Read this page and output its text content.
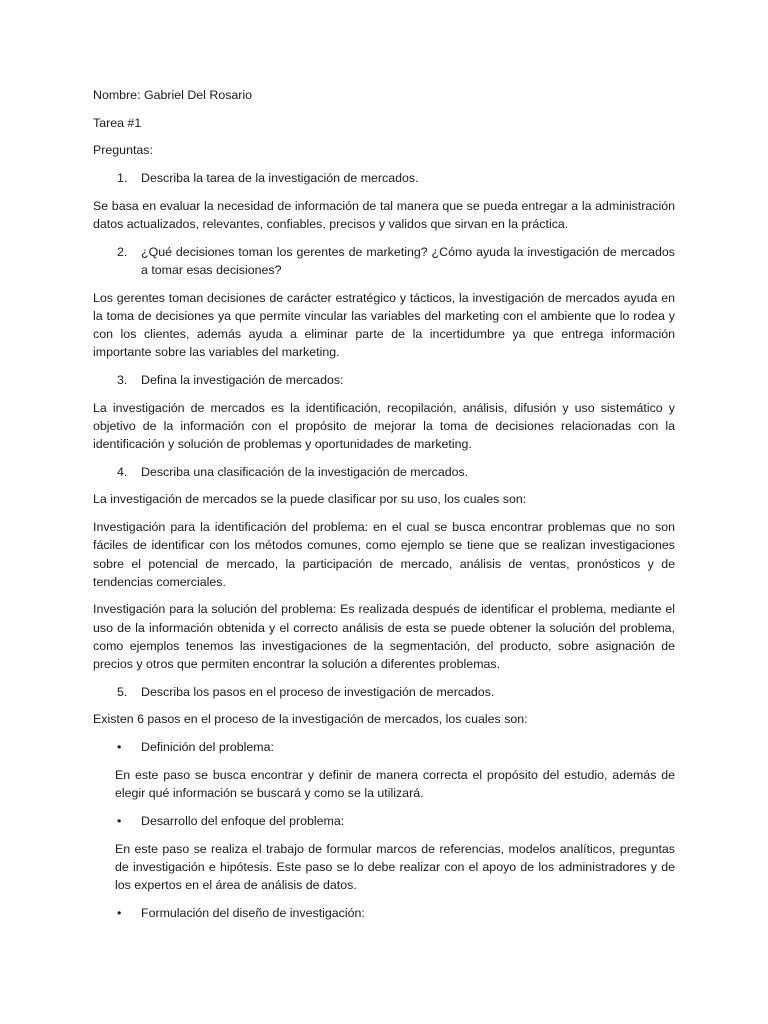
Nombre: Gabriel Del Rosario

Tarea #1

Preguntas:

1.	Describa la tarea de la investigación de mercados.

Se basa en evaluar la necesidad de información de tal manera que se pueda entregar a la administración datos actualizados, relevantes, confiables, precisos y validos que sirvan en la práctica.

2.	¿Qué decisiones toman los gerentes de marketing? ¿Cómo ayuda la investigación de mercados a tomar esas decisiones?

Los gerentes toman decisiones de carácter estratégico y tácticos, la investigación de mercados ayuda en la toma de decisiones ya que permite vincular las variables del marketing con el ambiente que lo rodea y con los clientes, además ayuda a eliminar parte de la incertidumbre ya que entrega información importante sobre las variables del marketing.

3.	Defina la investigación de mercados:

La investigación de mercados es la identificación, recopilación, análisis, difusión y uso sistemático y objetivo de la información con el propósito de mejorar la toma de decisiones relacionadas con la identificación y solución de problemas y oportunidades de marketing.

4.	Describa una clasificación de la investigación de mercados.

La investigación de mercados se la puede clasificar por su uso, los cuales son:

Investigación para la identificación del problema: en el cual se busca encontrar problemas que no son fáciles de identificar con los métodos comunes, como ejemplo se tiene que se realizan investigaciones sobre el potencial de mercado, la participación de mercado, análisis de ventas, pronósticos y de tendencias comerciales.

Investigación para la solución del problema: Es realizada después de identificar el problema, mediante el uso de la información obtenida y el correcto análisis de esta se puede obtener la solución del problema, como ejemplos tenemos las investigaciones de la segmentación, del producto, sobre asignación de precios y otros que permiten encontrar la solución a diferentes problemas.

5.	Describa los pasos en el proceso de investigación de mercados.

Existen 6 pasos en el proceso de la investigación de mercados, los cuales son:

•	Definición del problema:

En este paso se busca encontrar y definir de manera correcta el propósito del estudio, además de elegir qué información se buscará y como se la utilizará.

•	Desarrollo del enfoque del problema:

En este paso se realiza el trabajo de formular marcos de referencias, modelos analíticos, preguntas de investigación e hipótesis. Este paso se lo debe realizar con el apoyo de los administradores y de los expertos en el área de análisis de datos.

•	Formulación del diseño de investigación:
